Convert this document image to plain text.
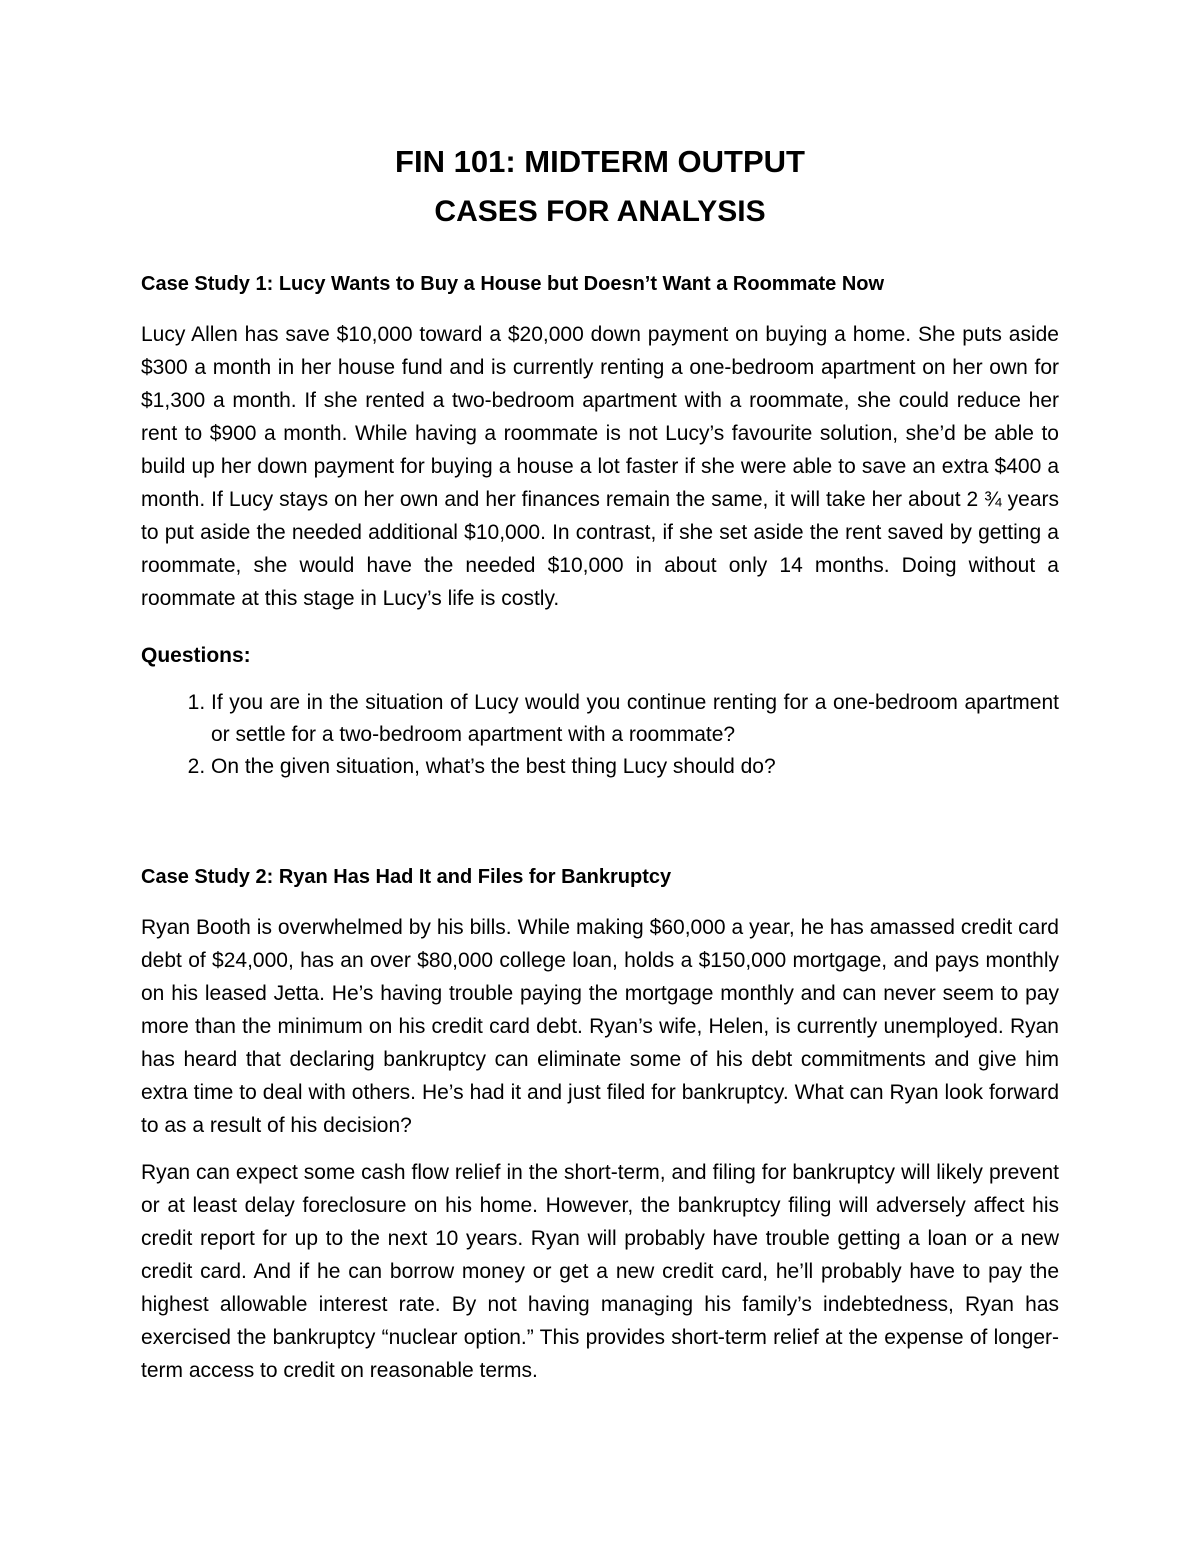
FIN 101: MIDTERM OUTPUT
CASES FOR ANALYSIS
Case Study 1: Lucy Wants to Buy a House but Doesn’t Want a Roommate Now

Lucy Allen has save $10,000 toward a $20,000 down payment on buying a home. She puts aside $300 a month in her house fund and is currently renting a one-bedroom apartment on her own for $1,300 a month. If she rented a two-bedroom apartment with a roommate, she could reduce her rent to $900 a month. While having a roommate is not Lucy’s favourite solution, she’d be able to build up her down payment for buying a house a lot faster if she were able to save an extra $400 a month. If Lucy stays on her own and her finances remain the same, it will take her about 2 ¾ years to put aside the needed additional $10,000. In contrast, if she set aside the rent saved by getting a roommate, she would have the needed $10,000 in about only 14 months. Doing without a roommate at this stage in Lucy’s life is costly.

Questions:

1. If you are in the situation of Lucy would you continue renting for a one-bedroom apartment or settle for a two-bedroom apartment with a roommate?
2. On the given situation, what’s the best thing Lucy should do?
Case Study 2: Ryan Has Had It and Files for Bankruptcy

Ryan Booth is overwhelmed by his bills. While making $60,000 a year, he has amassed credit card debt of $24,000, has an over $80,000 college loan, holds a $150,000 mortgage, and pays monthly on his leased Jetta. He’s having trouble paying the mortgage monthly and can never seem to pay more than the minimum on his credit card debt. Ryan’s wife, Helen, is currently unemployed. Ryan has heard that declaring bankruptcy can eliminate some of his debt commitments and give him extra time to deal with others. He’s had it and just filed for bankruptcy. What can Ryan look forward to as a result of his decision?

Ryan can expect some cash flow relief in the short-term, and filing for bankruptcy will likely prevent or at least delay foreclosure on his home. However, the bankruptcy filing will adversely affect his credit report for up to the next 10 years. Ryan will probably have trouble getting a loan or a new credit card. And if he can borrow money or get a new credit card, he’ll probably have to pay the highest allowable interest rate. By not having managing his family’s indebtedness, Ryan has exercised the bankruptcy “nuclear option.” This provides short-term relief at the expense of longer-term access to credit on reasonable terms.
